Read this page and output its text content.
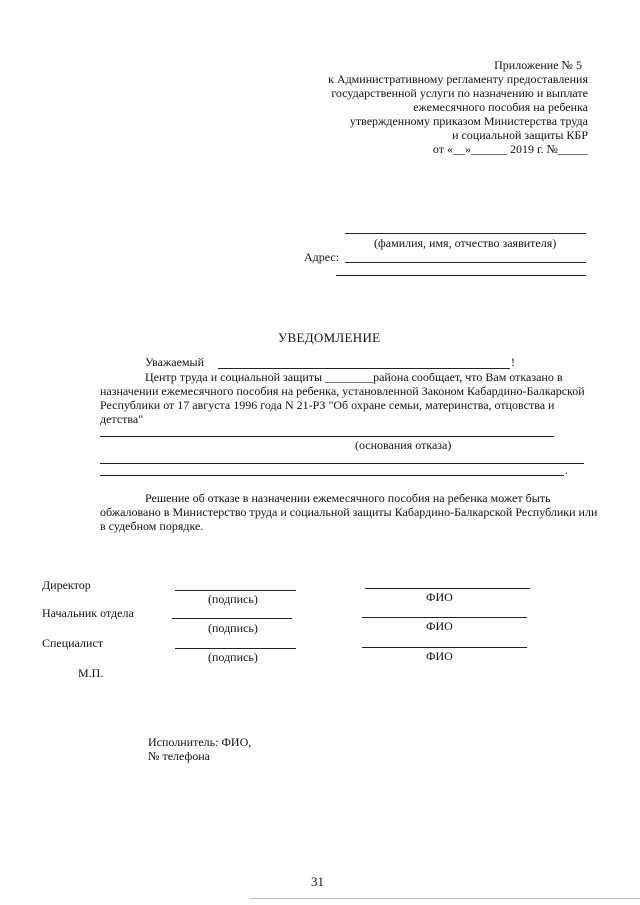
Приложение № 5
к Административному регламенту предоставления
государственной услуги по назначению и выплате
ежемесячного пособия на ребенка
утвержденному приказом Министерства труда
и социальной защиты КБР
от «__»______ 2019 г. №_____
(фамилия, имя, отчество заявителя)
Адрес:
УВЕДОМЛЕНИЕ
Уважаемый	!
Центр труда и социальной защиты ________района сообщает, что Вам отказано в
назначении ежемесячного пособия на ребенка, установленной Законом Кабардино-Балкарской
Республики от 17 августа 1996 года N 21-РЗ "Об охране семьи, материнства, отцовства и
детства"
(основания отказа)
.
Решение об отказе в назначении ежемесячного пособия на ребенка может быть
обжаловано в Министерство труда и социальной защиты Кабардино-Балкарской Республики или
в судебном порядке.
Директор
(подпись)	ФИО
Начальник отдела
(подпись)	ФИО
Специалист
(подпись)	ФИО
М.П.
Исполнитель: ФИО,
№ телефона
31
